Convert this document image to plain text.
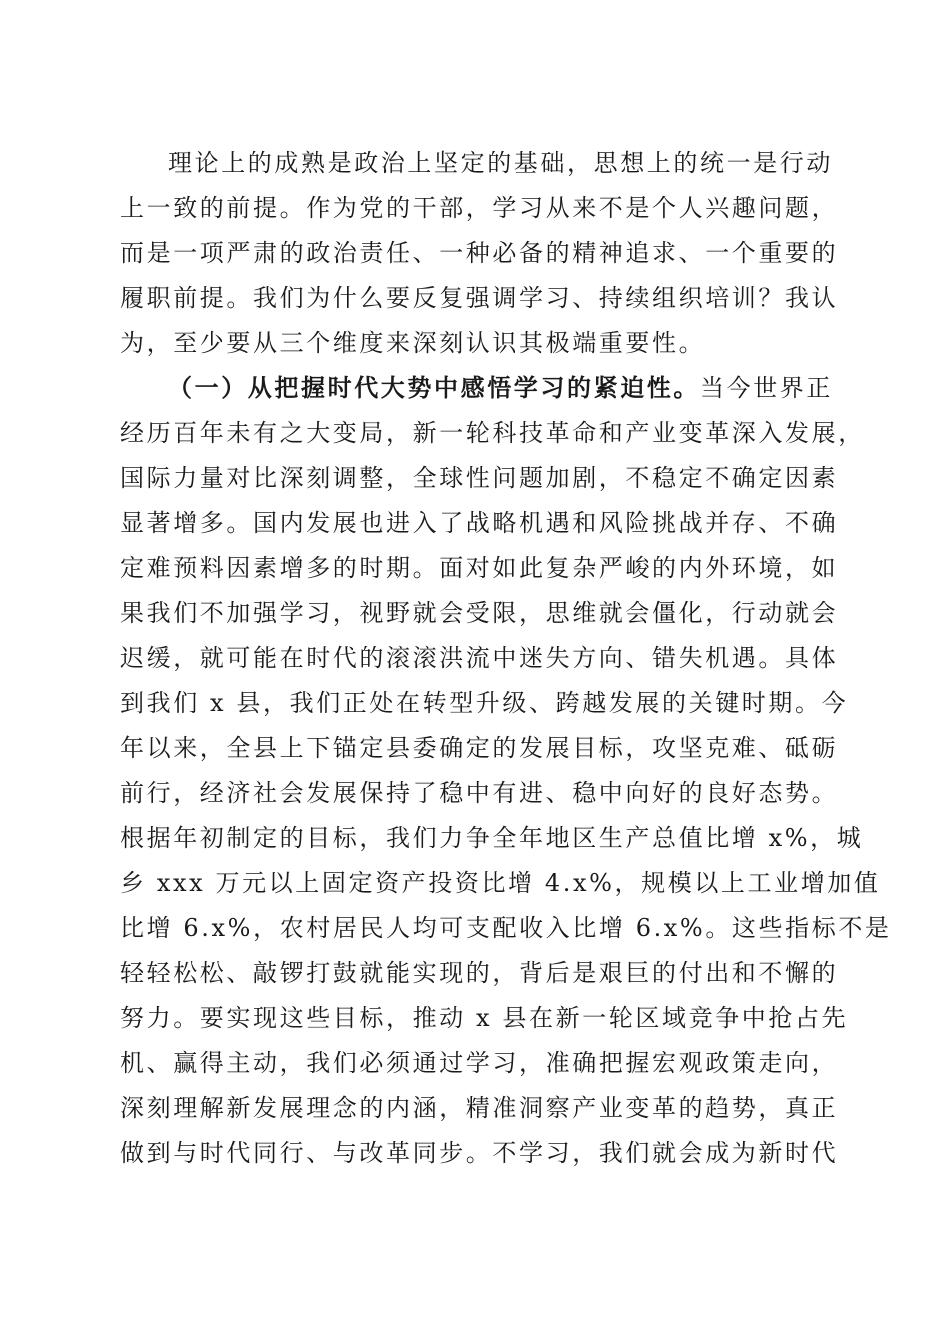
理论上的成熟是政治上坚定的基础，思想上的统一是行动
上一致的前提。作为党的干部，学习从来不是个人兴趣问题，
而是一项严肃的政治责任、一种必备的精神追求、一个重要的
履职前提。我们为什么要反复强调学习、持续组织培训？我认
为，至少要从三个维度来深刻认识其极端重要性。
（一）从把握时代大势中感悟学习的紧迫性。当今世界正
经历百年未有之大变局，新一轮科技革命和产业变革深入发展，
国际力量对比深刻调整，全球性问题加剧，不稳定不确定因素
显著增多。国内发展也进入了战略机遇和风险挑战并存、不确
定难预料因素增多的时期。面对如此复杂严峻的内外环境，如
果我们不加强学习，视野就会受限，思维就会僵化，行动就会
迟缓，就可能在时代的滚滚洪流中迷失方向、错失机遇。具体
到我们 x 县，我们正处在转型升级、跨越发展的关键时期。今
年以来，全县上下锚定县委确定的发展目标，攻坚克难、砥砺
前行，经济社会发展保持了稳中有进、稳中向好的良好态势。
根据年初制定的目标，我们力争全年地区生产总值比增 x%，城
乡 xxx 万元以上固定资产投资比增 4.x%，规模以上工业增加值
比增 6.x%，农村居民人均可支配收入比增 6.x%。这些指标不是
轻轻松松、敲锣打鼓就能实现的，背后是艰巨的付出和不懈的
努力。要实现这些目标，推动 x 县在新一轮区域竞争中抢占先
机、赢得主动，我们必须通过学习，准确把握宏观政策走向，
深刻理解新发展理念的内涵，精准洞察产业变革的趋势，真正
做到与时代同行、与改革同步。不学习，我们就会成为新时代
